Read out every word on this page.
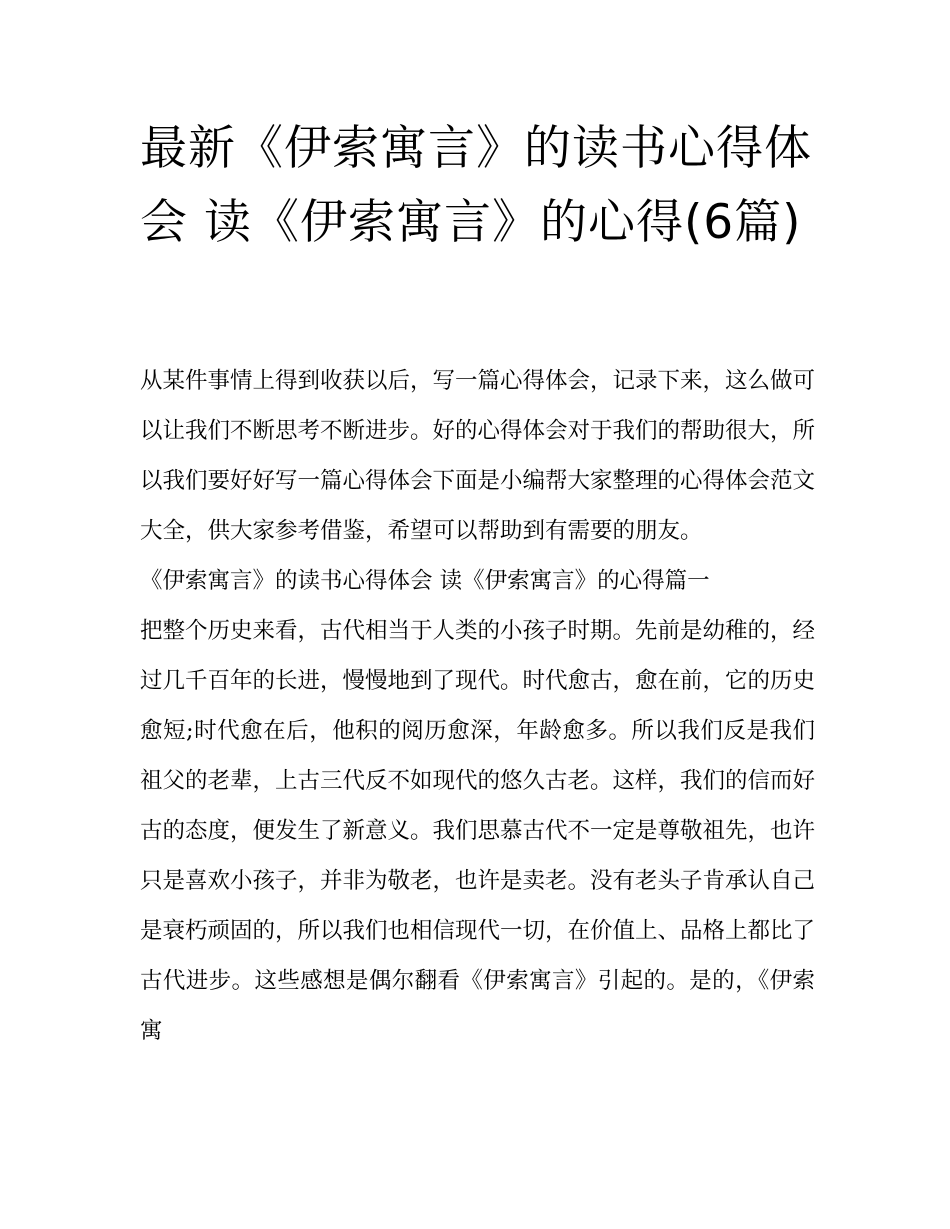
最新《伊索寓言》的读书心得体会 读《伊索寓言》的心得(6篇)

从某件事情上得到收获以后，写一篇心得体会，记录下来，这么做可以让我们不断思考不断进步。好的心得体会对于我们的帮助很大，所以我们要好好写一篇心得体会下面是小编帮大家整理的心得体会范文大全，供大家参考借鉴，希望可以帮助到有需要的朋友。

《伊索寓言》的读书心得体会 读《伊索寓言》的心得篇一

把整个历史来看，古代相当于人类的小孩子时期。先前是幼稚的，经过几千百年的长进，慢慢地到了现代。时代愈古，愈在前，它的历史愈短;时代愈在后，他积的阅历愈深，年龄愈多。所以我们反是我们祖父的老辈，上古三代反不如现代的悠久古老。这样，我们的信而好古的态度，便发生了新意义。我们思慕古代不一定是尊敬祖先，也许只是喜欢小孩子，并非为敬老，也许是卖老。没有老头子肯承认自己是衰朽顽固的，所以我们也相信现代一切，在价值上、品格上都比了古代进步。这些感想是偶尔翻看《伊索寓言》引起的。是的，《伊索寓
